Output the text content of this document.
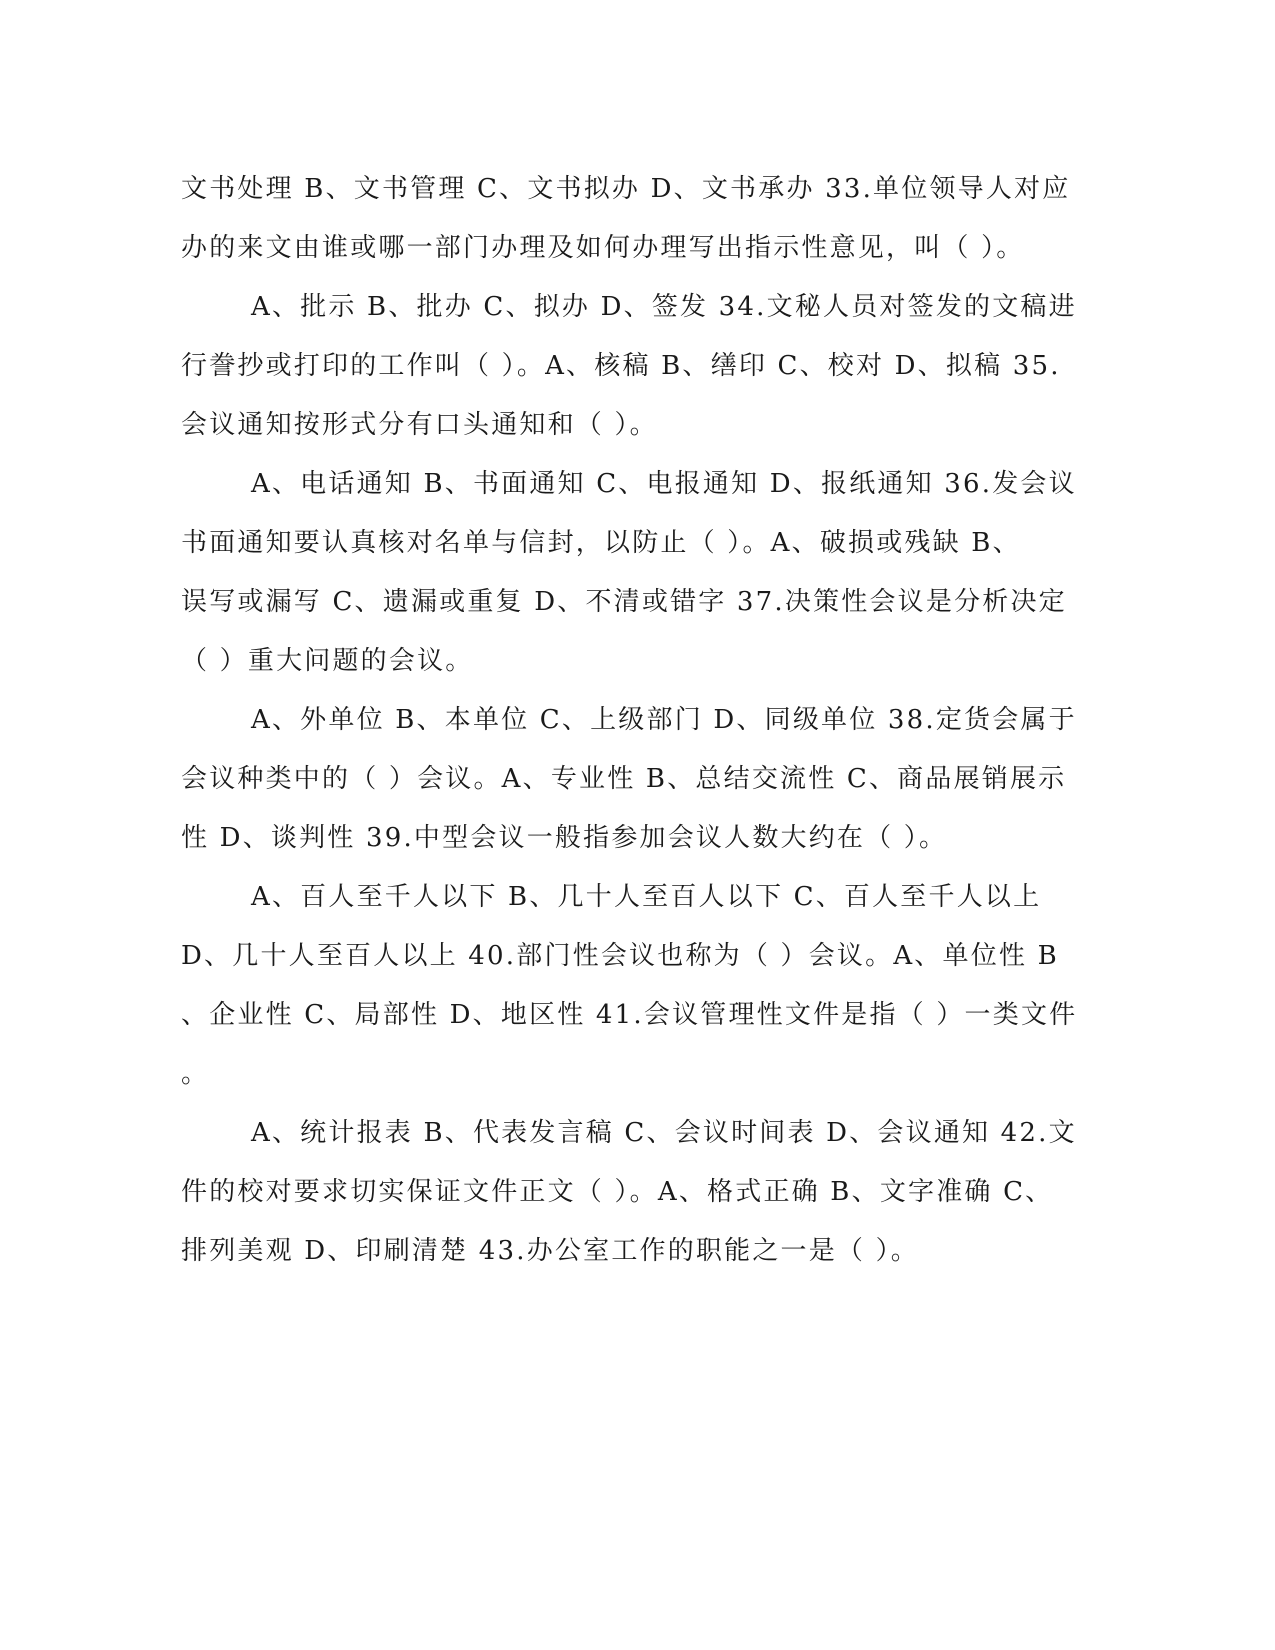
文书处理 B、文书管理 C、文书拟办 D、文书承办 33.单位领导人对应
办的来文由谁或哪一部门办理及如何办理写出指示性意见，叫（ ）。
A、批示 B、批办 C、拟办 D、签发 34.文秘人员对签发的文稿进
行誊抄或打印的工作叫（ ）。A、核稿 B、缮印 C、校对 D、拟稿 35.
会议通知按形式分有口头通知和（ ）。
A、电话通知 B、书面通知 C、电报通知 D、报纸通知 36.发会议
书面通知要认真核对名单与信封，以防止（ ）。A、破损或残缺 B、
误写或漏写 C、遗漏或重复 D、不清或错字 37.决策性会议是分析决定
（ ）重大问题的会议。
A、外单位 B、本单位 C、上级部门 D、同级单位 38.定货会属于
会议种类中的（ ）会议。A、专业性 B、总结交流性 C、商品展销展示
性 D、谈判性 39.中型会议一般指参加会议人数大约在（ ）。
A、百人至千人以下 B、几十人至百人以下 C、百人至千人以上
D、几十人至百人以上 40.部门性会议也称为（ ）会议。A、单位性 B
、企业性 C、局部性 D、地区性 41.会议管理性文件是指（ ）一类文件
。
A、统计报表 B、代表发言稿 C、会议时间表 D、会议通知 42.文
件的校对要求切实保证文件正文（ ）。A、格式正确 B、文字准确 C、
排列美观 D、印刷清楚 43.办公室工作的职能之一是（ ）。
